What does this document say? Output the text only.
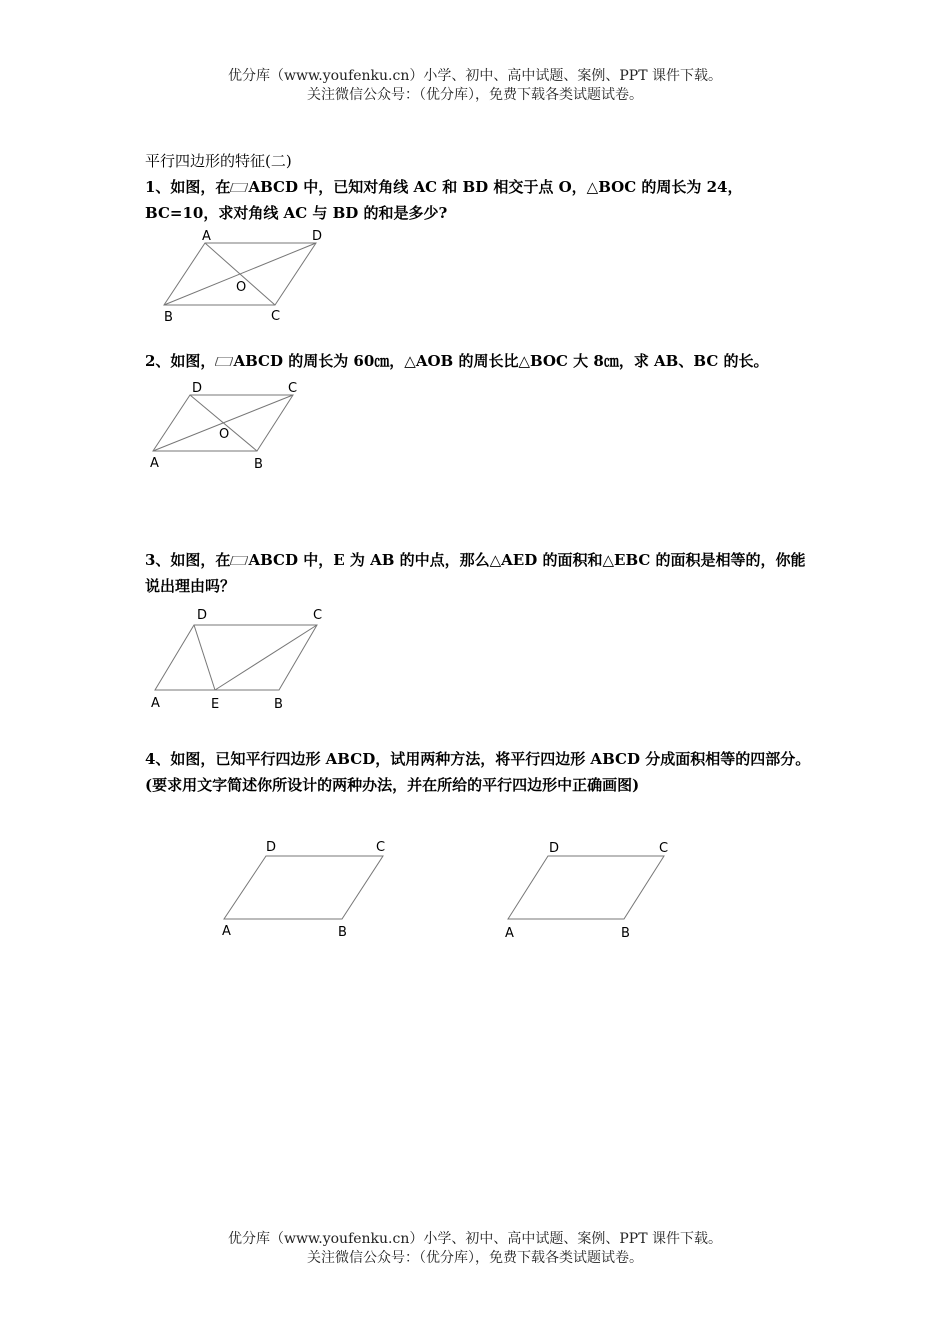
优分库（www.youfenku.cn）小学、初中、高中试题、案例、PPT 课件下载。
关注微信公众号：（优分库），免费下载各类试题试卷。
平行四边形的特征(二)
1、如图，在 ABCD 中，已知对角线 AC 和 BD 相交于点 O，△BOC 的周长为 24，BC=10，求对角线 AC 与 BD 的和是多少?
A	D
O
B	C
2、如图， ABCD 的周长为 60㎝，△AOB 的周长比△BOC 大 8㎝，求 AB、BC 的长。
D	C
O
A	B
3、如图，在 ABCD 中，E 为 AB 的中点，那么△AED 的面积和△EBC 的面积是相等的，你能说出理由吗？
D	C
A	E	B
4、如图，已知平行四边形 ABCD，试用两种方法，将平行四边形 ABCD 分成面积相等的四部分。
(要求用文字简述你所设计的两种办法，并在所给的平行四边形中正确画图)
D	C
A	B
D	C
A	B
优分库（www.youfenku.cn）小学、初中、高中试题、案例、PPT 课件下载。
关注微信公众号：（优分库），免费下载各类试题试卷。
